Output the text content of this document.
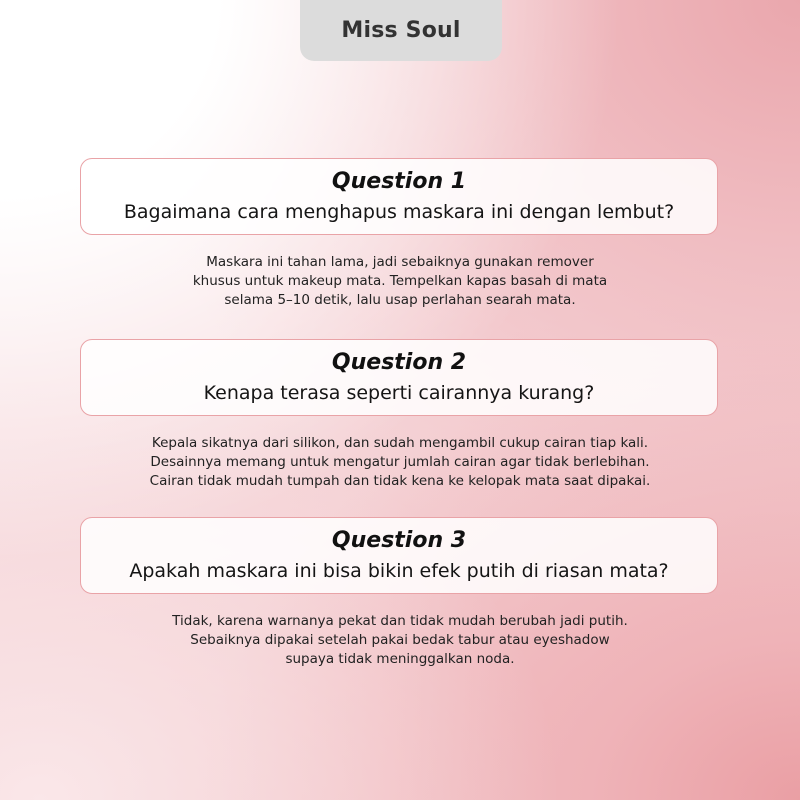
Miss Soul
Question 1
Bagaimana cara menghapus maskara ini dengan lembut?
Maskara ini tahan lama, jadi sebaiknya gunakan remover
khusus untuk makeup mata. Tempelkan kapas basah di mata
selama 5–10 detik, lalu usap perlahan searah mata.
Question 2
Kenapa terasa seperti cairannya kurang?
Kepala sikatnya dari silikon, dan sudah mengambil cukup cairan tiap kali.
Desainnya memang untuk mengatur jumlah cairan agar tidak berlebihan.
Cairan tidak mudah tumpah dan tidak kena ke kelopak mata saat dipakai.
Question 3
Apakah maskara ini bisa bikin efek putih di riasan mata?
Tidak, karena warnanya pekat dan tidak mudah berubah jadi putih.
Sebaiknya dipakai setelah pakai bedak tabur atau eyeshadow
supaya tidak meninggalkan noda.
